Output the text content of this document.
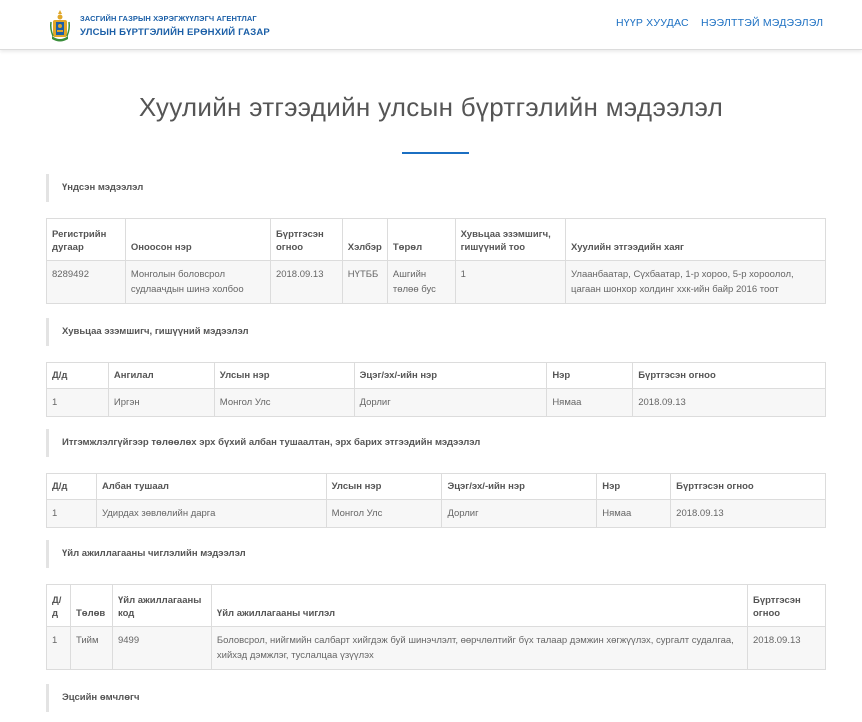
ЗАСГИЙН ГАЗРЫН ХЭРЭГЖҮҮЛЭГЧ АГЕНТЛАГ
УЛСЫН БҮРТГЭЛИЙН ЕРӨНХИЙ ГАЗАР
НҮҮР ХУУДАС НЭЭЛТТЭЙ МЭДЭЭЛЭЛ
Хуулийн этгээдийн улсын бүртгэлийн мэдээлэл
Үндсэн мэдээлэл
Регистрийн дугаар	Оноосон нэр	Бүртгэсэн огноо	Хэлбэр	Төрөл	Хувьцаа эзэмшигч, гишүүний тоо	Хуулийн этгээдийн хаяг
8289492	Монголын боловсрол судлаачдын шинэ холбоо	2018.09.13	НҮТББ	Ашгийн төлөө бус	1	Улаанбаатар, Сүхбаатар, 1-р хороо, 5-р хороолол, цагаан шонхор холдинг ххк-ийн байр 2016 тоот
Хувьцаа эзэмшигч, гишүүний мэдээлэл
Д/д	Ангилал	Улсын нэр	Эцэг/эх/-ийн нэр	Нэр	Бүртгэсэн огноо
1	Иргэн	Монгол Улс	Дорлиг	Нямаа	2018.09.13
Итгэмжлэлгүйгээр төлөөлөх эрх бүхий албан тушаалтан, эрх барих этгээдийн мэдээлэл
Д/д	Албан тушаал	Улсын нэр	Эцэг/эх/-ийн нэр	Нэр	Бүртгэсэн огноо
1	Удирдах зөвлөлийн дарга	Монгол Улс	Дорлиг	Нямаа	2018.09.13
Үйл ажиллагааны чиглэлийн мэдээлэл
Д/д	Төлөв	Үйл ажиллагааны код	Үйл ажиллагааны чиглэл	Бүртгэсэн огноо
1	Тийм	9499	Боловсрол, нийгмийн салбарт хийгдэж буй шинэчлэлт, өөрчлөлтийг бүх талаар дэмжин хөгжүүлэх, сургалт судалгаа, хийхэд дэмжлэг, туслалцаа үзүүлэх	2018.09.13
Эцсийн өмчлөгч
